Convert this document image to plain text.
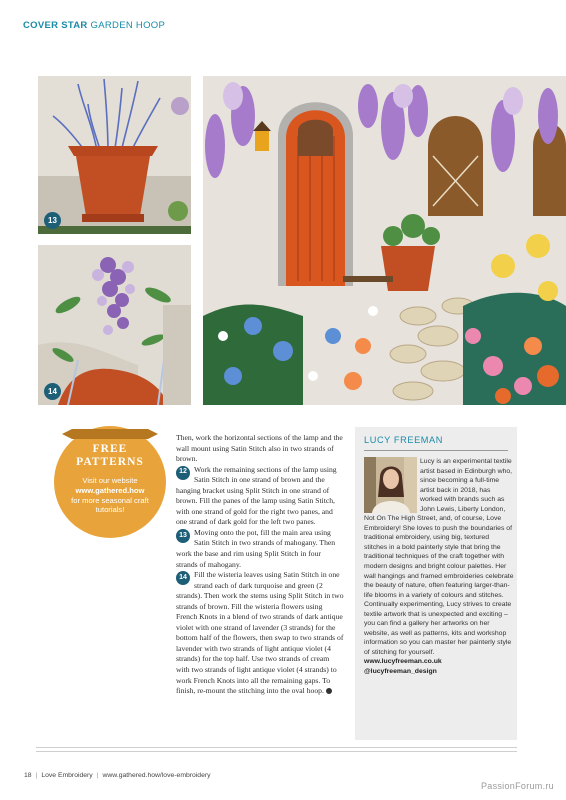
COVER STAR GARDEN HOOP
13
14
FREE
PATTERNS
Visit our website
www.gathered.how
for more seasonal craft tutorials!

Then, work the horizontal sections of the lamp and the wall mount using Satin Stitch also in two strands of brown.

12 Work the remaining sections of the lamp using Satin Stitch in one strand of brown and the hanging bracket using Split Stitch in one strand of brown. Fill the panes of the lamp using Satin Stitch, with one strand of gold for the right two panes, and one strand of dark gold for the left two panes.

13 Moving onto the pot, fill the main area using Satin Stitch in two strands of mahogany. Then work the base and rim using Split Stitch in four strands of mahogany.

14 Fill the wisteria leaves using Satin Stitch in one strand each of dark turquoise and green (2 strands). Then work the stems using Split Stitch in two strands of brown. Fill the wisteria flowers using French Knots in a blend of two strands of dark antique violet with one strand of lavender (3 strands) for the bottom half of the flowers, then swap to two strands of lavender with two strands of light antique violet (4 strands) for the top half. Use two strands of cream with two strands of light antique violet (4 strands) to work French Knots into all the remaining gaps. To finish, re-mount the stitching into the oval hoop.

LUCY FREEMAN
Lucy is an experimental textile artist based in Edinburgh who, since becoming a full-time artist back in 2018, has worked with brands such as John Lewis, Liberty London, Not On The High Street, and, of course, Love Embroidery! She loves to push the boundaries of traditional embroidery, using big, textured stitches in a bold painterly style that bring the traditional techniques of the craft together with modern designs and bright colour palettes. Her wall hangings and framed embroideries celebrate the beauty of nature, often featuring larger-than-life blooms in a variety of colours and stitches. Continually experimenting, Lucy strives to create textile artwork that is unexpected and exciting – you can find a gallery her artworks on her website, as well as patterns, kits and workshop information so you can master her painterly style of stitching for yourself.
www.lucyfreeman.co.uk
@lucyfreeman_design
18 | Love Embroidery | www.gathered.how/love-embroidery
PassionForum.ru
